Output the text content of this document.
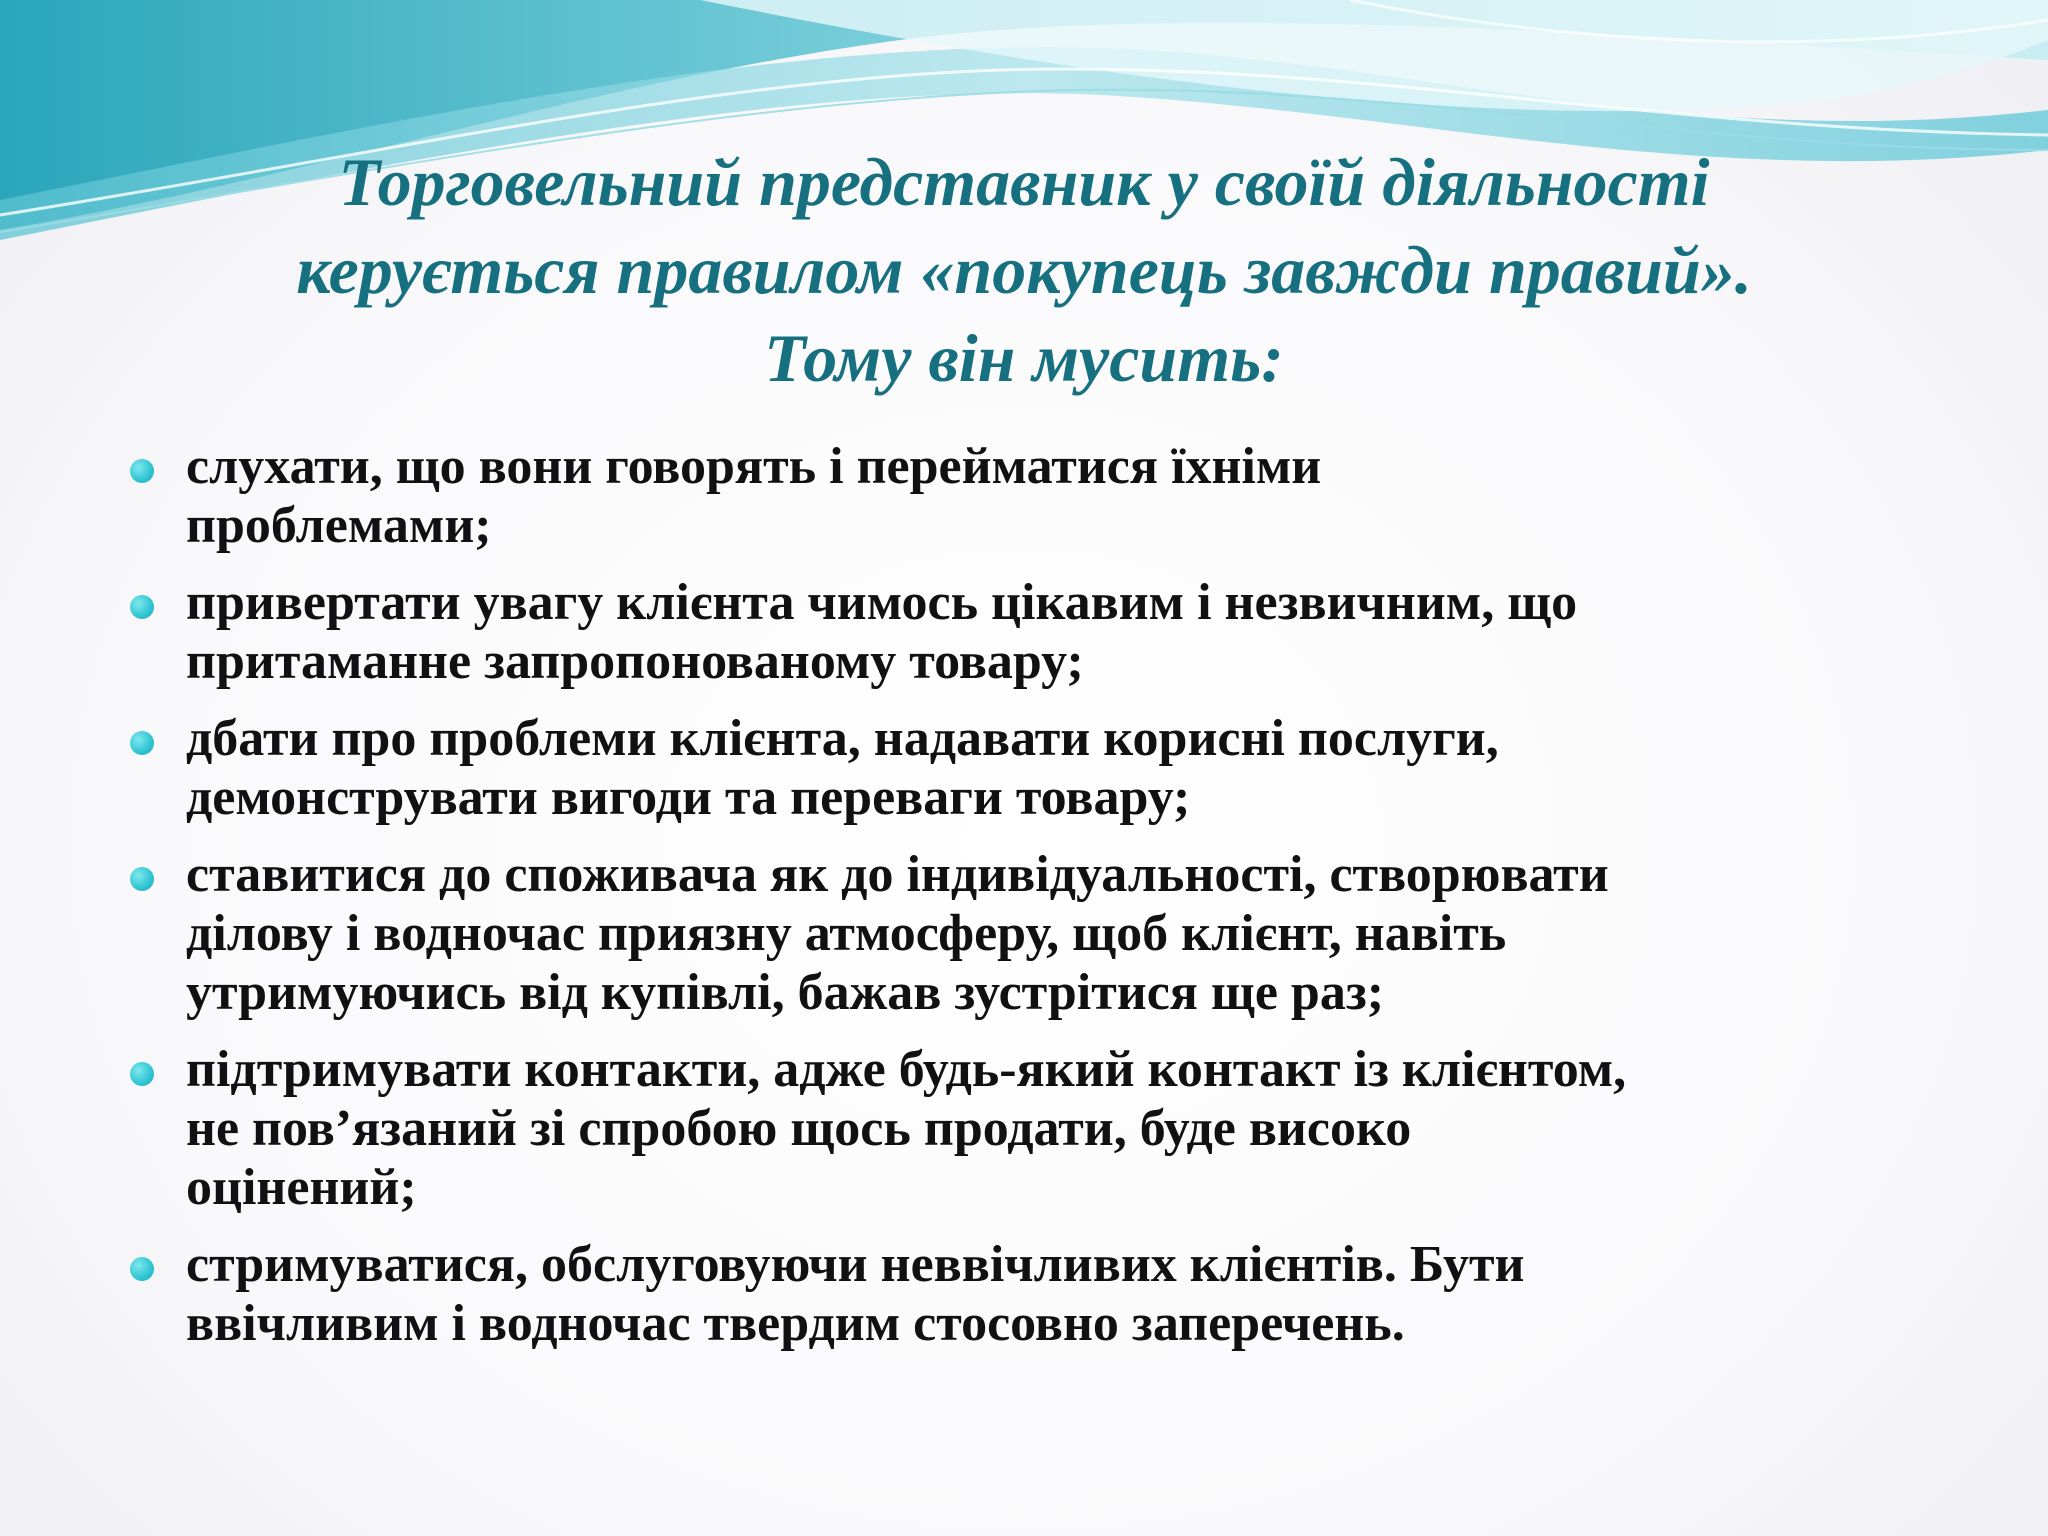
Торговельний представник у своїй діяльності
керується правилом «покупець завжди правий».
Тому він мусить:
слухати, що вони говорять і перейматися їхніми
проблемами;
привертати увагу клієнта чимось цікавим і незвичним, що
притаманне запропонованому товару;
дбати про проблеми клієнта, надавати корисні послуги,
демонструвати вигоди та переваги товару;
ставитися до споживача як до індивідуальності, створювати
ділову і водночас приязну атмосферу, щоб клієнт, навіть
утримуючись від купівлі, бажав зустрітися ще раз;
підтримувати контакти, адже будь-який контакт із клієнтом,
не пов’язаний зі спробою щось продати, буде високо
оцінений;
стримуватися, обслуговуючи неввічливих клієнтів. Бути
ввічливим і водночас твердим стосовно заперечень.
